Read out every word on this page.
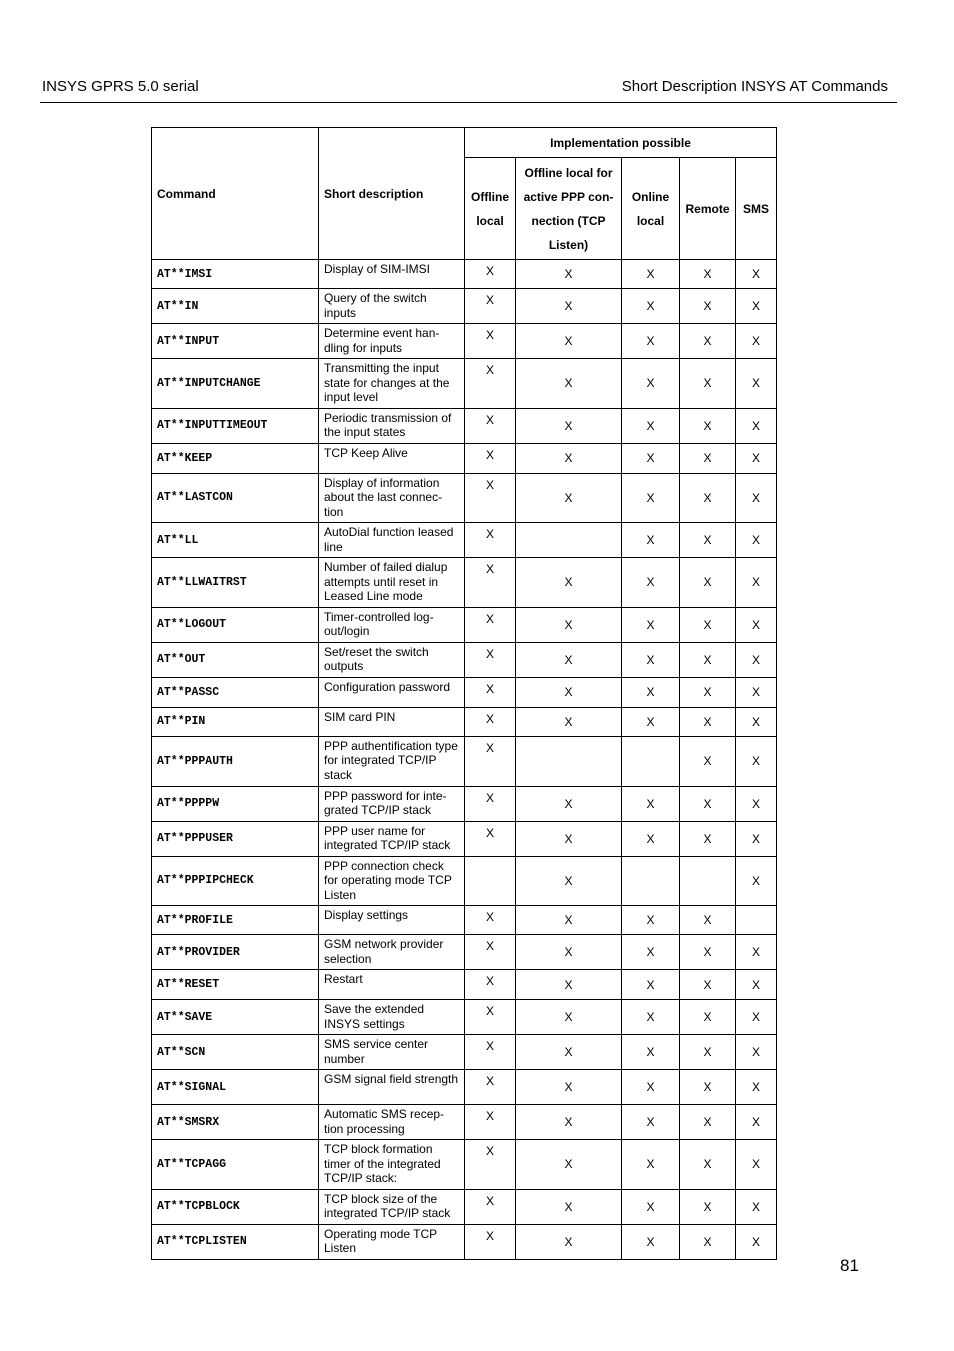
INSYS GPRS 5.0 serial	Short Description INSYS AT Commands
Command	Short description	Implementation possible				
		Offline local	Offline local for active PPP con-nection (TCP Listen)	Online local	Remote	SMS
AT**IMSI	Display of SIM-IMSI	X	X	X	X	X
AT**IN	Query of the switch inputs	X	X	X	X	X
AT**INPUT	Determine event han-dling for inputs	X	X	X	X	X
AT**INPUTCHANGE	Transmitting the input state for changes at the input level	X	X	X	X	X
AT**INPUTTIMEOUT	Periodic transmission of the input states	X	X	X	X	X
AT**KEEP	TCP Keep Alive	X	X	X	X	X
AT**LASTCON	Display of information about the last connec-tion	X	X	X	X	X
AT**LL	AutoDial function leased line	X		X	X	X
AT**LLWAITRST	Number of failed dialup attempts until reset in Leased Line mode	X	X	X	X	X
AT**LOGOUT	Timer-controlled log-out/login	X	X	X	X	X
AT**OUT	Set/reset the switch outputs	X	X	X	X	X
AT**PASSC	Configuration password	X	X	X	X	X
AT**PIN	SIM card PIN	X	X	X	X	X
AT**PPPAUTH	PPP authentification type for integrated TCP/IP stack	X			X	X
AT**PPPPW	PPP password for inte-grated TCP/IP stack	X	X	X	X	X
AT**PPPUSER	PPP user name for integrated TCP/IP stack	X	X	X	X	X
AT**PPPIPCHECK	PPP connection check for operating mode TCP Listen		X			X
AT**PROFILE	Display settings	X	X	X	X	
AT**PROVIDER	GSM network provider selection	X	X	X	X	X
AT**RESET	Restart	X	X	X	X	X
AT**SAVE	Save the extended INSYS settings	X	X	X	X	X
AT**SCN	SMS service center number	X	X	X	X	X
AT**SIGNAL	GSM signal field strength	X	X	X	X	X
AT**SMSRX	Automatic SMS recep-tion processing	X	X	X	X	X
AT**TCPAGG	TCP block formation timer of the integrated TCP/IP stack:	X	X	X	X	X
AT**TCPBLOCK	TCP block size of the integrated TCP/IP stack	X	X	X	X	X
AT**TCPLISTEN	Operating mode TCP Listen	X	X	X	X	X
81
